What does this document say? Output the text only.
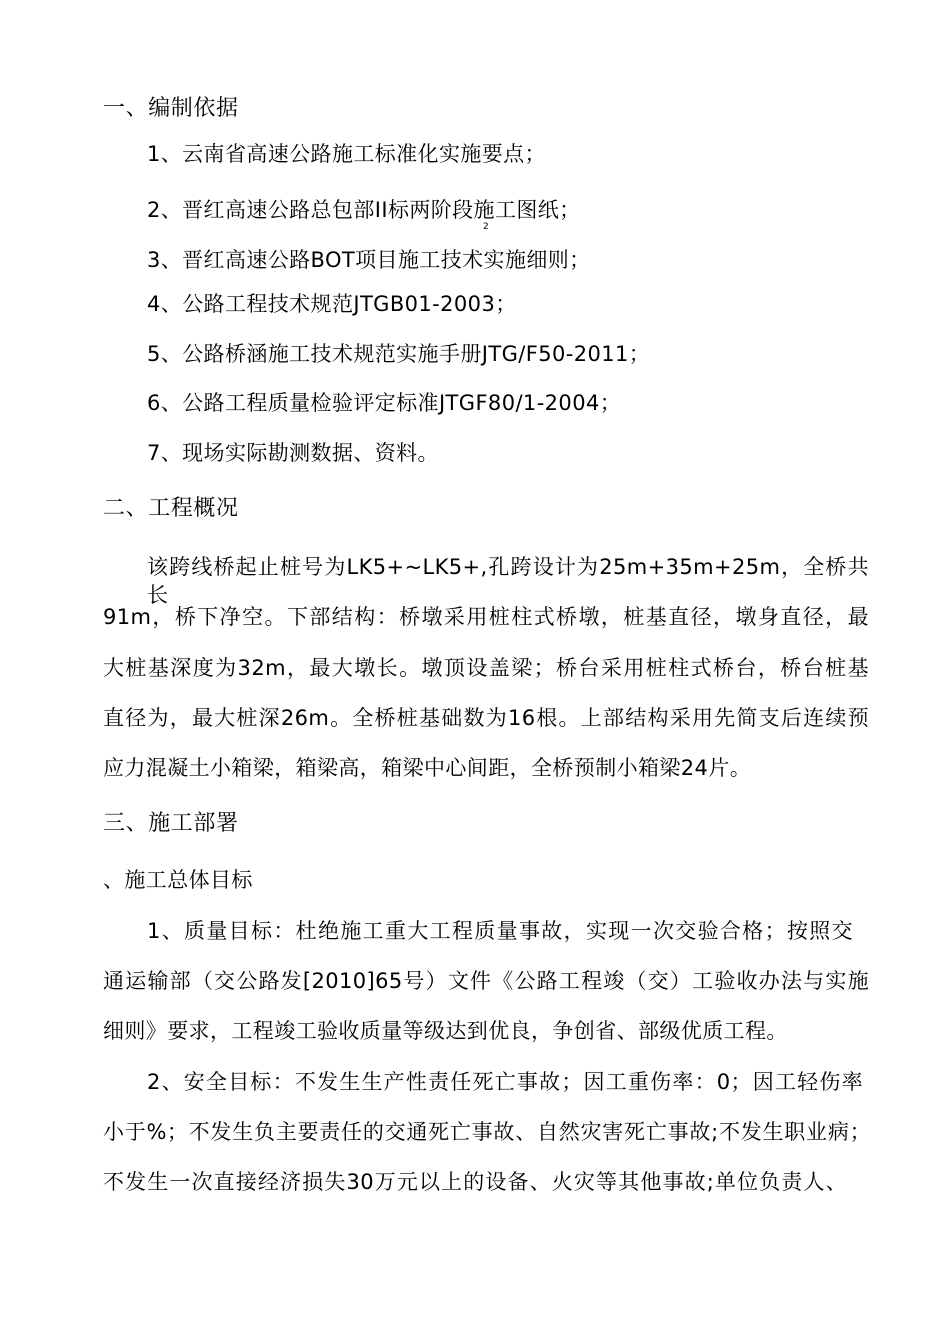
一、编制依据
1、云南省高速公路施工标准化实施要点；
2、晋红高速公路总包部II标两阶段施工图纸；
2
3、晋红高速公路BOT项目施工技术实施细则；
4、公路工程技术规范JTGB01-2003；
5、公路桥涵施工技术规范实施手册JTG/F50-2011；
6、公路工程质量检验评定标准JTGF80/1-2004；
7、现场实际勘测数据、资料。
二、工程概况
该跨线桥起止桩号为LK5+~LK5+,孔跨设计为25m+35m+25m，全桥共长
91m，桥下净空。下部结构：桥墩采用桩柱式桥墩，桩基直径，墩身直径，最
大桩基深度为32m，最大墩长。墩顶设盖梁；桥台采用桩柱式桥台，桥台桩基
直径为，最大桩深26m。全桥桩基础数为16根。上部结构采用先简支后连续预
应力混凝土小箱梁，箱梁高，箱梁中心间距，全桥预制小箱梁24片。
三、施工部署
、施工总体目标
1、质量目标：杜绝施工重大工程质量事故，实现一次交验合格；按照交
通运输部（交公路发[2010]65号）文件《公路工程竣（交）工验收办法与实施
细则》要求，工程竣工验收质量等级达到优良，争创省、部级优质工程。
2、安全目标：不发生生产性责任死亡事故；因工重伤率：0；因工轻伤率
小于%；不发生负主要责任的交通死亡事故、自然灾害死亡事故;不发生职业病；
不发生一次直接经济损失30万元以上的设备、火灾等其他事故;单位负责人、
